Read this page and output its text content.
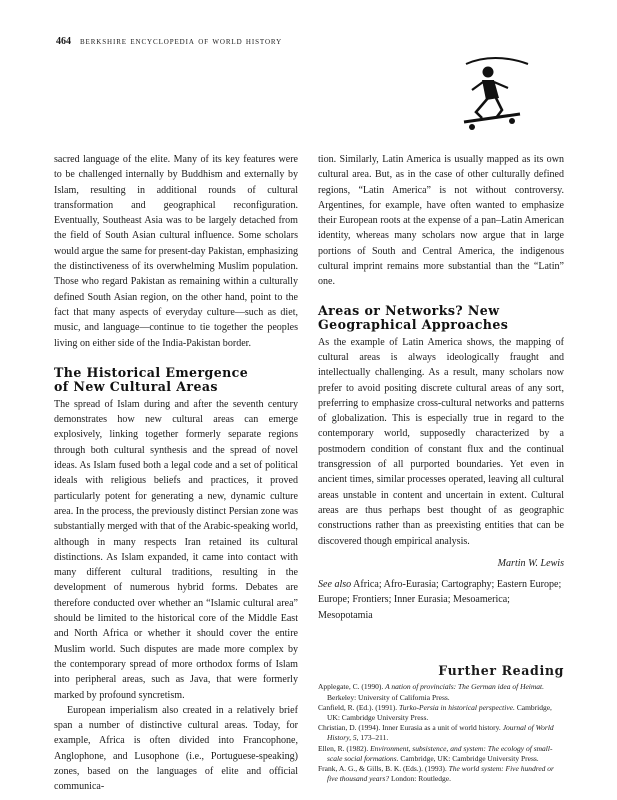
464 berkshire encyclopedia of world history

sacred language of the elite. Many of its key features were to be challenged internally by Buddhism and externally by Islam, resulting in additional rounds of cultural transformation and geographical reconfiguration. Eventually, Southeast Asia was to be largely detached from the field of South Asian cultural influence. Some scholars would argue the same for present-day Pakistan, emphasizing the distinctiveness of its overwhelming Muslim population. Those who regard Pakistan as remaining within a culturally defined South Asian region, on the other hand, point to the fact that many aspects of everyday culture—such as diet, music, and language—continue to tie together the peoples living on either side of the India-Pakistan border.

The Historical Emergence
of New Cultural Areas

The spread of Islam during and after the seventh century demonstrates how new cultural areas can emerge explosively, linking together formerly separate regions through both cultural synthesis and the spread of novel ideas. As Islam fused both a legal code and a set of political ideals with religious beliefs and practices, it proved particularly potent for generating a new, dynamic culture area. In the process, the previously distinct Persian zone was substantially merged with that of the Arabic-speaking world, although in many respects Iran retained its cultural distinctions. As Islam expanded, it came into contact with many different cultural traditions, resulting in the development of numerous hybrid forms. Debates are therefore conducted over whether an “Islamic cultural area” should be limited to the historical core of the Middle East and North Africa or whether it should cover the entire Muslim world. Such disputes are made more complex by the contemporary spread of more orthodox forms of Islam into peripheral areas, such as Java, that were formerly marked by profound syncretism.

European imperialism also created in a relatively brief span a number of distinctive cultural areas. Today, for example, Africa is often divided into Francophone, Anglophone, and Lusophone (i.e., Portuguese-speaking) zones, based on the languages of elite and official communica-

tion. Similarly, Latin America is usually mapped as its own cultural area. But, as in the case of other culturally defined regions, “Latin America” is not without controversy. Argentines, for example, have often wanted to emphasize their European roots at the expense of a pan–Latin American identity, whereas many scholars now argue that in large portions of South and Central America, the indigenous cultural imprint remains more substantial than the “Latin” one.

Areas or Networks? New
Geographical Approaches

As the example of Latin America shows, the mapping of cultural areas is always ideologically fraught and intellectually challenging. As a result, many scholars now prefer to avoid positing discrete cultural areas of any sort, preferring to emphasize cross-cultural networks and patterns of globalization. This is especially true in regard to the contemporary world, supposedly characterized by a postmodern condition of constant flux and the continual transgression of all purported boundaries. Yet even in ancient times, similar processes operated, leaving all cultural areas unstable in content and uncertain in extent. Cultural areas are thus perhaps best thought of as geographic constructions rather than as preexisting entities that can be discovered though empirical analysis.

Martin W. Lewis

See also Africa; Afro-Eurasia; Cartography; Eastern Europe; Europe; Frontiers; Inner Eurasia; Mesoamerica; Mesopotamia

Further Reading

Applegate, C. (1990). A nation of provincials: The German idea of Heimat. Berkeley: University of California Press.

Canfield, R. (Ed.). (1991). Turko-Persia in historical perspective. Cambridge, UK: Cambridge University Press.

Christian, D. (1994). Inner Eurasia as a unit of world history. Journal of World History, 5, 173–211.

Ellen, R. (1982). Environment, subsistence, and system: The ecology of small-scale social formations. Cambridge, UK: Cambridge University Press.

Frank, A. G., & Gills, B. K. (Eds.). (1993). The world system: Five hundred or five thousand years? London: Routledge.
